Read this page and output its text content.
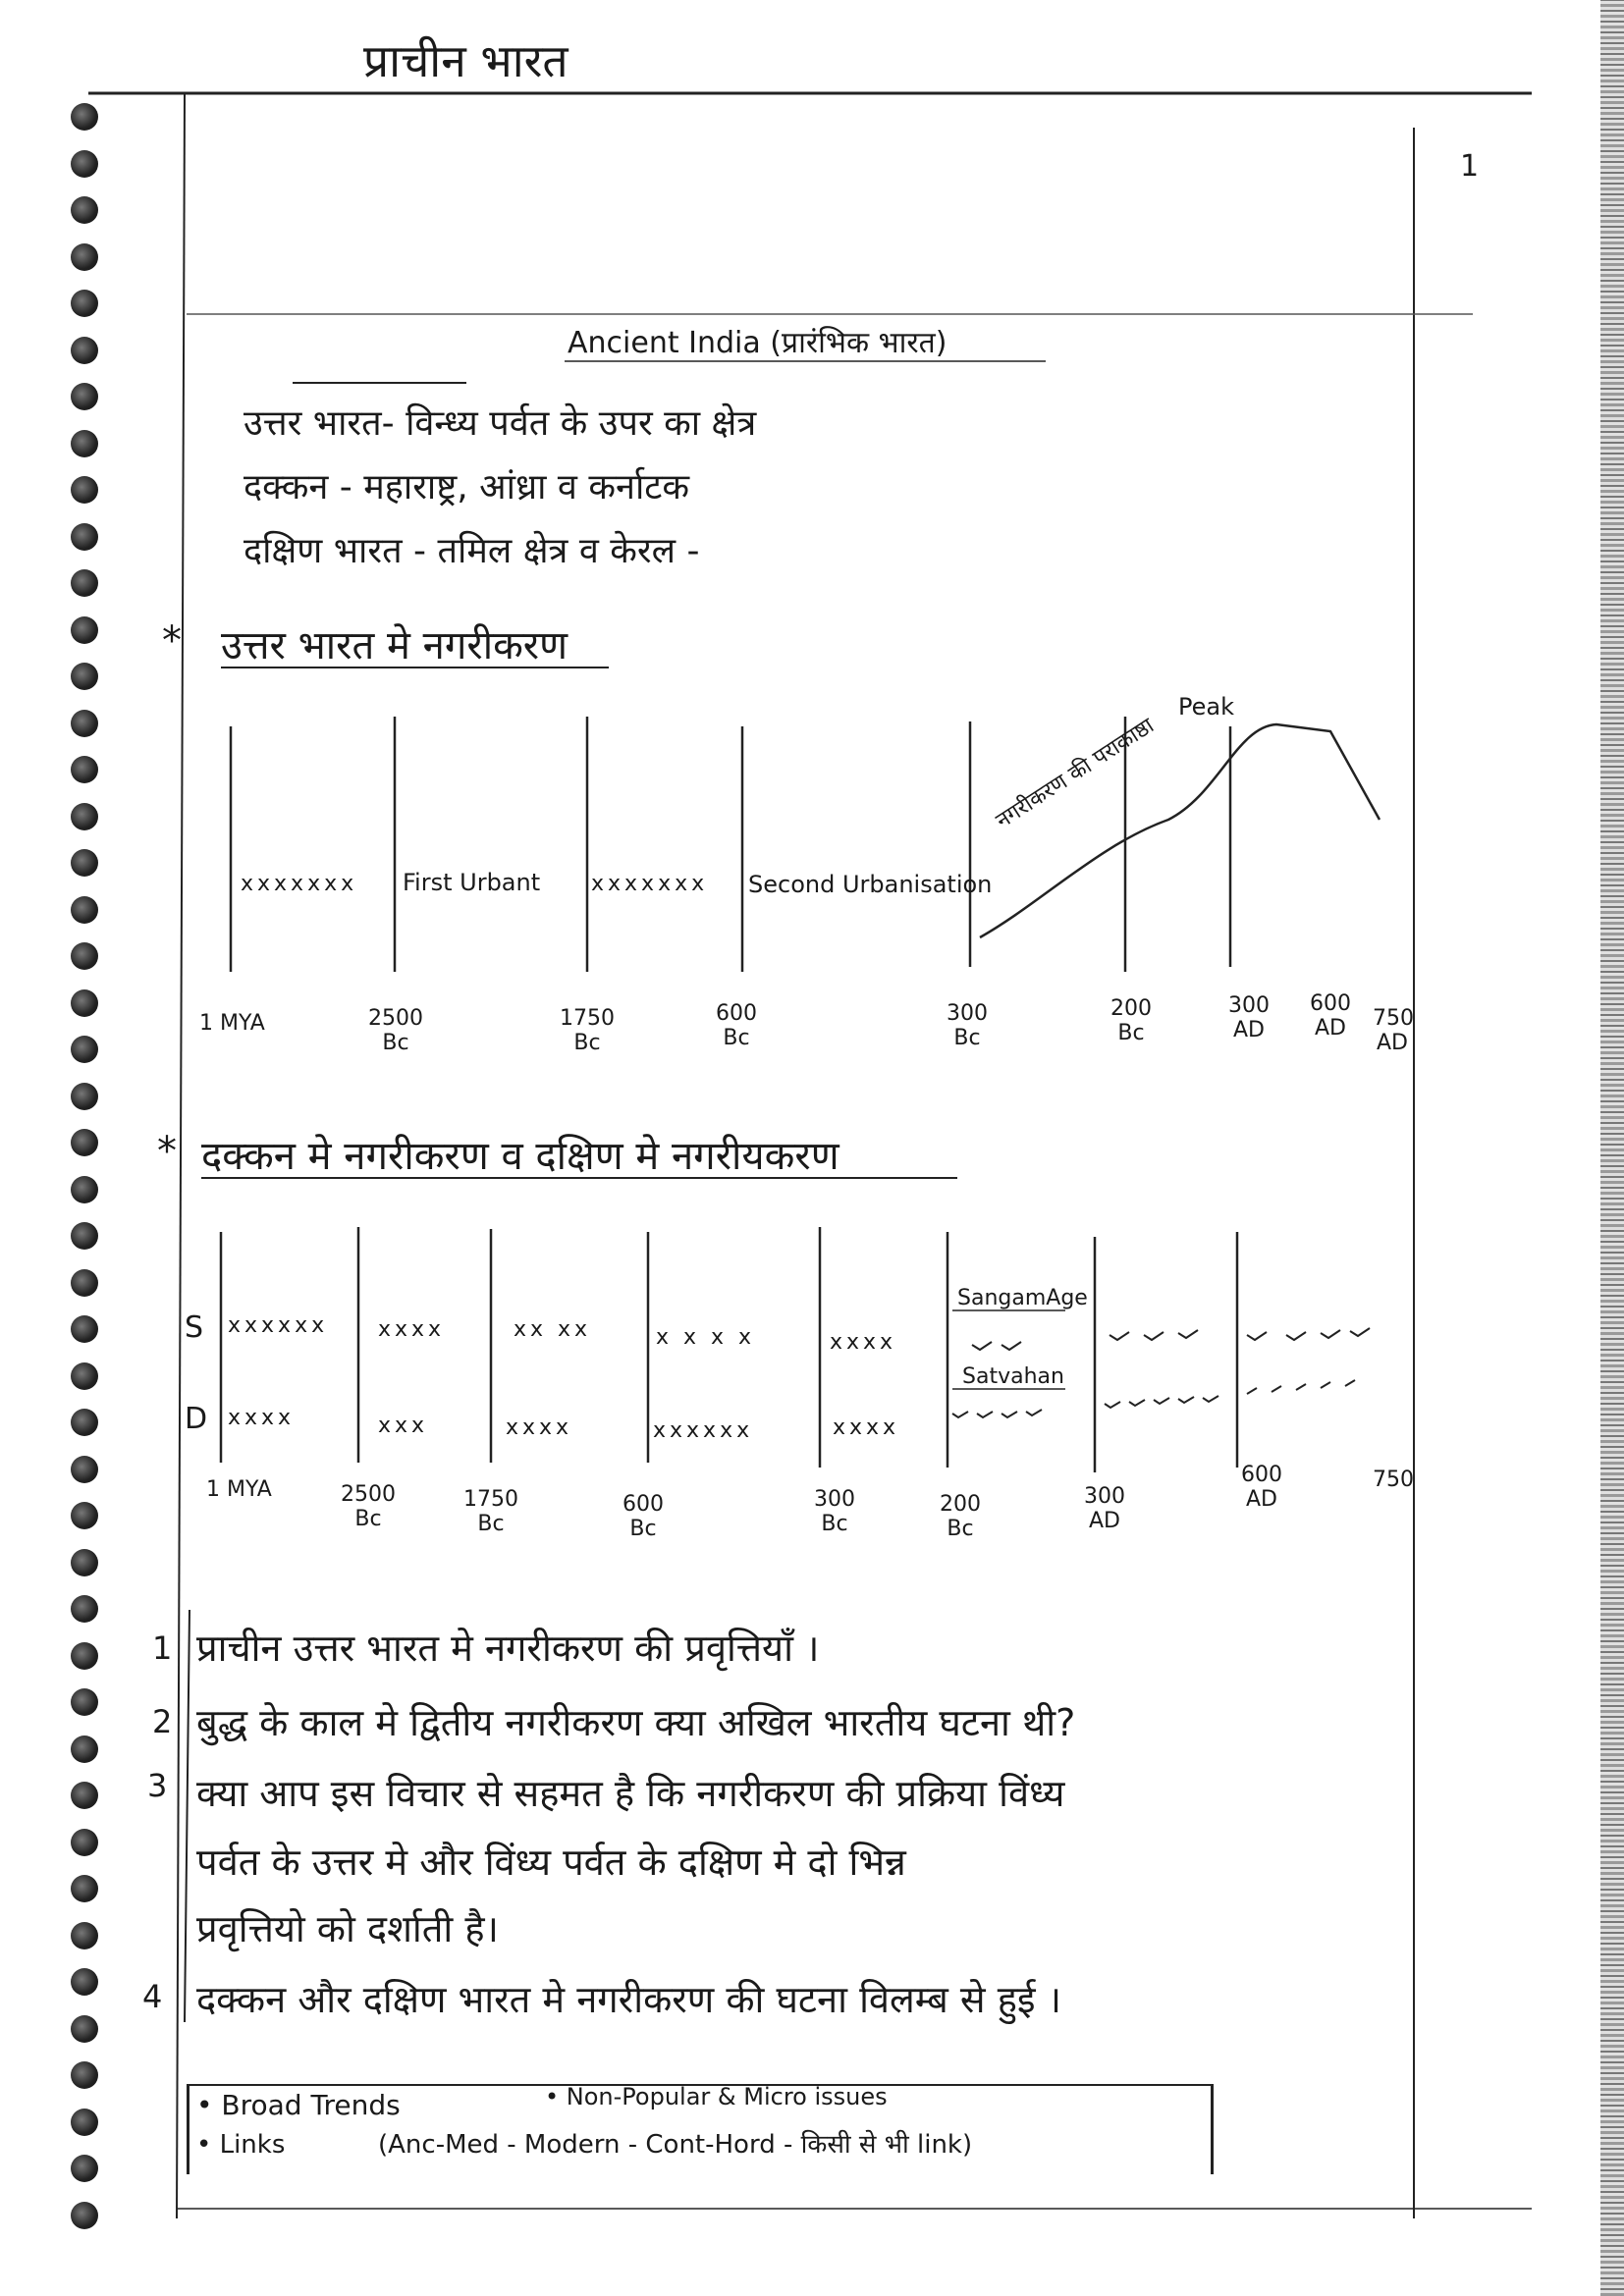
प्राचीन भारत
1
Ancient India (प्रारंभिक भारत)
उत्तर भारत- विन्ध्य पर्वत के उपर का क्षेत्र
दक्कन - महाराष्ट्र, आंध्रा व कर्नाटक
दक्षिण भारत - तमिल क्षेत्र व केरल -
* उत्तर भारत मे नगरीकरण
xxxxxxx First Urbant xxxxxxx Second Urbanisation
नगरीकरण की पराकाष्ठा
Peak
1 MYA	2500 Bc
1750 Bc
600 Bc
300 Bc
200 Bc
300 AD
600 AD	750 AD
* दक्कन मे नगरीकरण व दक्षिण मे नगरीयकरण
S
D
xxxxxx xxxx	xx xx	x x x x	xxxx
xxxx	xxx	xxxx	xxxxxx	xxxx
SangamAge
Satvahan
1 MYA	2500 Bc
1750 Bc
600 Bc
300 Bc
200 Bc
300 AD
600 AD
750
1 प्राचीन उत्तर भारत मे नगरीकरण की प्रवृत्तियाँ ।
2 बुद्ध के काल मे द्वितीय नगरीकरण क्या अखिल भारतीय घटना थी?
3 क्या आप इस विचार से सहमत है कि नगरीकरण की प्रक्रिया विंध्य
पर्वत के उत्तर मे और विंध्य पर्वत के दक्षिण मे दो भिन्न
प्रवृत्तियो को दर्शाती है।
4 दक्कन और दक्षिण भारत मे नगरीकरण की घटना विलम्ब से हुई ।
• Broad Trends	• Non-Popular & Micro issues
• Links	(Anc-Med - Modern - Cont-Hord - किसी से भी link)
